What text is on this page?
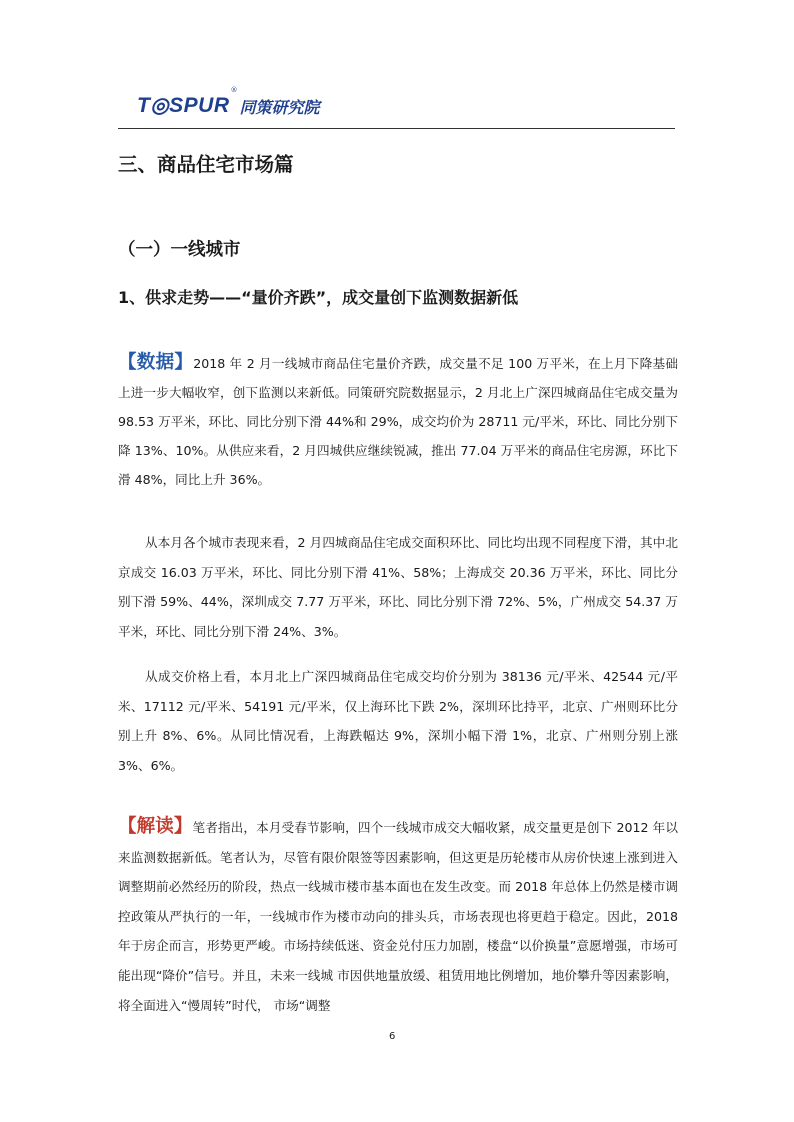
T◎SPUR
®
同策研究院
三、商品住宅市场篇
（一）一线城市
1、供求走势——“量价齐跌”，成交量创下监测数据新低

【数据】2018 年 2 月一线城市商品住宅量价齐跌，成交量不足 100 万平米，在上月下降基础上进一步大幅收窄，创下监测以来新低。同策研究院数据显示，2 月北上广深四城商品住宅成交量为 98.53 万平米，环比、同比分别下滑 44%和 29%，成交均价为 28711 元/平米，环比、同比分别下降 13%、10%。从供应来看，2 月四城供应继续锐减，推出 77.04 万平米的商品住宅房源，环比下滑 48%，同比上升 36%。

从本月各个城市表现来看，2 月四城商品住宅成交面积环比、同比均出现不同程度下滑，其中北京成交 16.03 万平米，环比、同比分别下滑 41%、58%；上海成交 20.36 万平米，环比、同比分别下滑 59%、44%，深圳成交 7.77 万平米，环比、同比分别下滑 72%、5%，广州成交 54.37 万平米，环比、同比分别下滑 24%、3%。

从成交价格上看，本月北上广深四城商品住宅成交均价分别为 38136 元/平米、42544 元/平米、17112 元/平米、54191 元/平米，仅上海环比下跌 2%，深圳环比持平，北京、广州则环比分别上升 8%、6%。从同比情况看，上海跌幅达 9%，深圳小幅下滑 1%，北京、广州则分别上涨 3%、6%。

【解读】笔者指出，本月受春节影响，四个一线城市成交大幅收紧，成交量更是创下 2012 年以来监测数据新低。笔者认为，尽管有限价限签等因素影响，但这更是历轮楼市从房价快速上涨到进入调整期前必然经历的阶段，热点一线城市楼市基本面也在发生改变。而 2018 年总体上仍然是楼市调控政策从严执行的一年，一线城市作为楼市动向的排头兵，市场表现也将更趋于稳定。因此，2018 年于房企而言，形势更严峻。市场持续低迷、资金兑付压力加剧，楼盘“以价换量”意愿增强，市场可能出现“降价”信号。并且，未来一线城 市因供地量放缓、租赁用地比例增加，地价攀升等因素影响，将全面进入“慢周转”时代， 市场“调整

6
